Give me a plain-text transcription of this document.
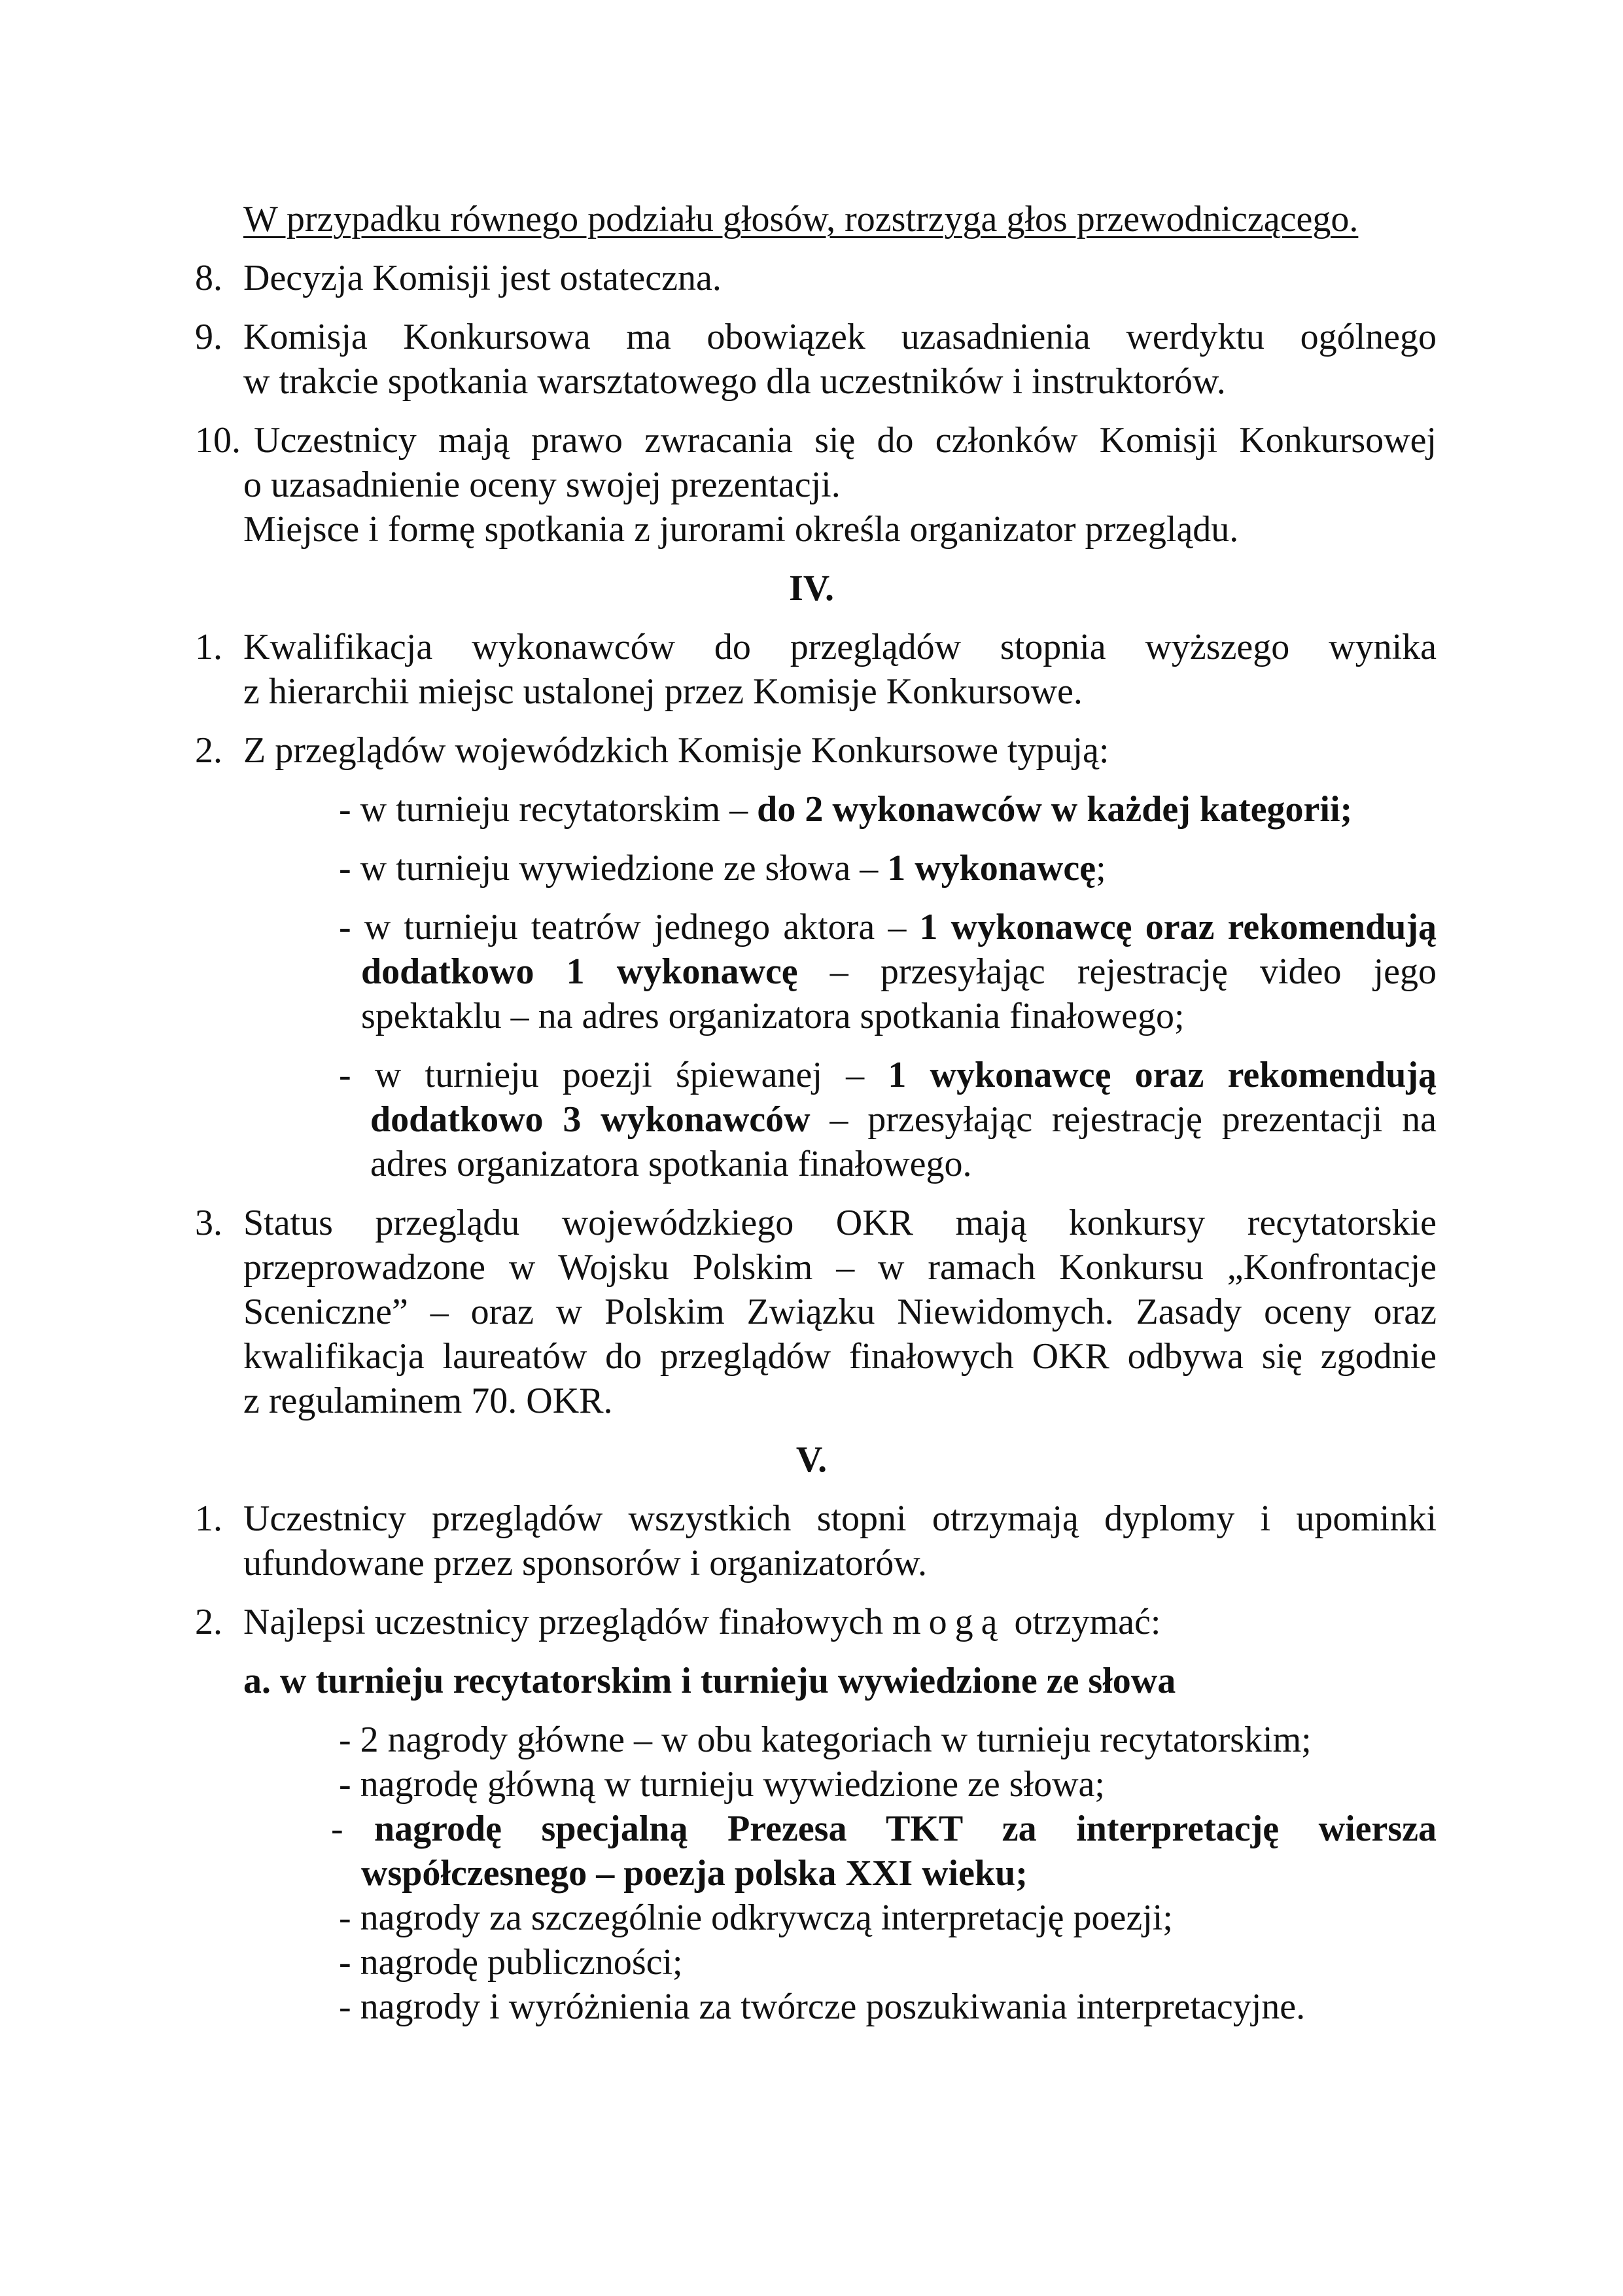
W przypadku równego podziału głosów, rozstrzyga głos przewodniczącego.
8. Decyzja Komisji jest ostateczna.
9. Komisja Konkursowa ma obowiązek uzasadnienia werdyktu ogólnego
w trakcie spotkania warsztatowego dla uczestników i instruktorów.
10. Uczestnicy mają prawo zwracania się do członków Komisji Konkursowej
o uzasadnienie oceny swojej prezentacji.
Miejsce i formę spotkania z jurorami określa organizator przeglądu.
IV.
1. Kwalifikacja wykonawców do przeglądów stopnia wyższego wynika
z hierarchii miejsc ustalonej przez Komisje Konkursowe.
2. Z przeglądów wojewódzkich Komisje Konkursowe typują:
- w turnieju recytatorskim – do 2 wykonawców w każdej kategorii;
- w turnieju wywiedzione ze słowa – 1 wykonawcę;
- w turnieju teatrów jednego aktora – 1 wykonawcę oraz rekomendują
dodatkowo 1 wykonawcę – przesyłając rejestrację video jego
spektaklu – na adres organizatora spotkania finałowego;
- w turnieju poezji śpiewanej – 1 wykonawcę oraz rekomendują
dodatkowo 3 wykonawców – przesyłając rejestrację prezentacji na
adres organizatora spotkania finałowego.
3. Status przeglądu wojewódzkiego OKR mają konkursy recytatorskie
przeprowadzone w Wojsku Polskim – w ramach Konkursu „Konfrontacje
Sceniczne” – oraz w Polskim Związku Niewidomych. Zasady oceny oraz
kwalifikacja laureatów do przeglądów finałowych OKR odbywa się zgodnie
z regulaminem 70. OKR.
V.
1. Uczestnicy przeglądów wszystkich stopni otrzymają dyplomy i upominki
ufundowane przez sponsorów i organizatorów.
2. Najlepsi uczestnicy przeglądów finałowych mogą otrzymać:
a. w turnieju recytatorskim i turnieju wywiedzione ze słowa
- 2 nagrody główne – w obu kategoriach w turnieju recytatorskim;
- nagrodę główną w turnieju wywiedzione ze słowa;
- nagrodę specjalną Prezesa TKT za interpretację wiersza
współczesnego – poezja polska XXI wieku;
- nagrody za szczególnie odkrywczą interpretację poezji;
- nagrodę publiczności;
- nagrody i wyróżnienia za twórcze poszukiwania interpretacyjne.
